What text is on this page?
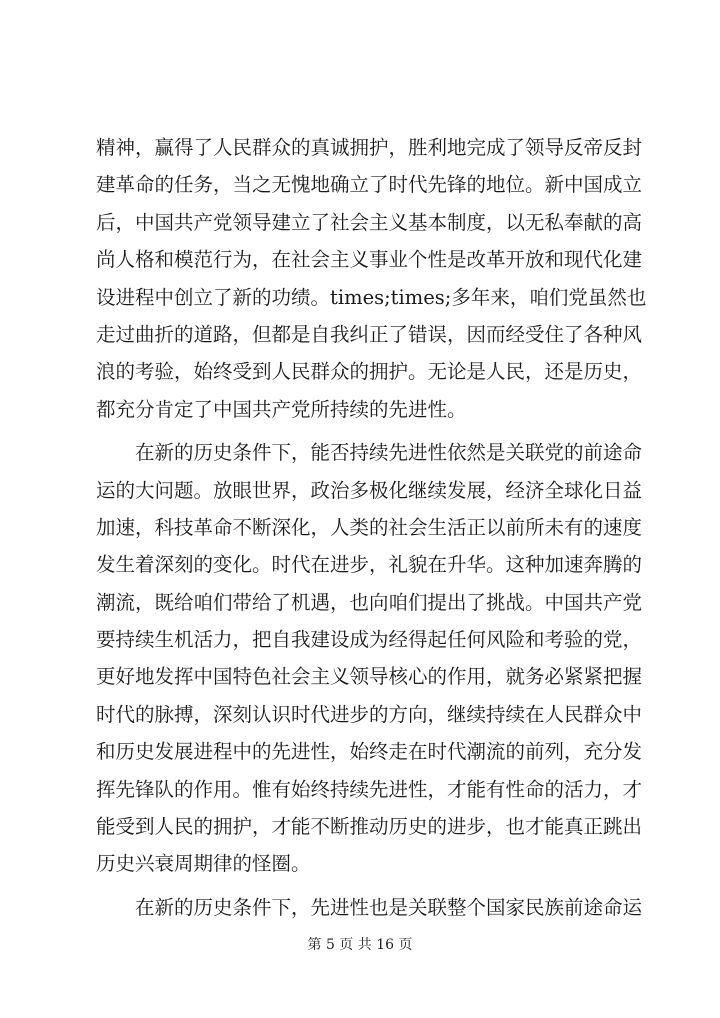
精神，赢得了人民群众的真诚拥护，胜利地完成了领导反帝反封
建革命的任务，当之无愧地确立了时代先锋的地位。新中国成立
后，中国共产党领导建立了社会主义基本制度，以无私奉献的高
尚人格和模范行为，在社会主义事业个性是改革开放和现代化建
设进程中创立了新的功绩。times;times;多年来，咱们党虽然也
走过曲折的道路，但都是自我纠正了错误，因而经受住了各种风
浪的考验，始终受到人民群众的拥护。无论是人民，还是历史，
都充分肯定了中国共产党所持续的先进性。
在新的历史条件下，能否持续先进性依然是关联党的前途命
运的大问题。放眼世界，政治多极化继续发展，经济全球化日益
加速，科技革命不断深化，人类的社会生活正以前所未有的速度
发生着深刻的变化。时代在进步，礼貌在升华。这种加速奔腾的
潮流，既给咱们带给了机遇，也向咱们提出了挑战。中国共产党
要持续生机活力，把自我建设成为经得起任何风险和考验的党，
更好地发挥中国特色社会主义领导核心的作用，就务必紧紧把握
时代的脉搏，深刻认识时代进步的方向，继续持续在人民群众中
和历史发展进程中的先进性，始终走在时代潮流的前列，充分发
挥先锋队的作用。惟有始终持续先进性，才能有性命的活力，才
能受到人民的拥护，才能不断推动历史的进步，也才能真正跳出
历史兴衰周期律的怪圈。
在新的历史条件下，先进性也是关联整个国家民族前途命运
第 5 页 共 16 页
